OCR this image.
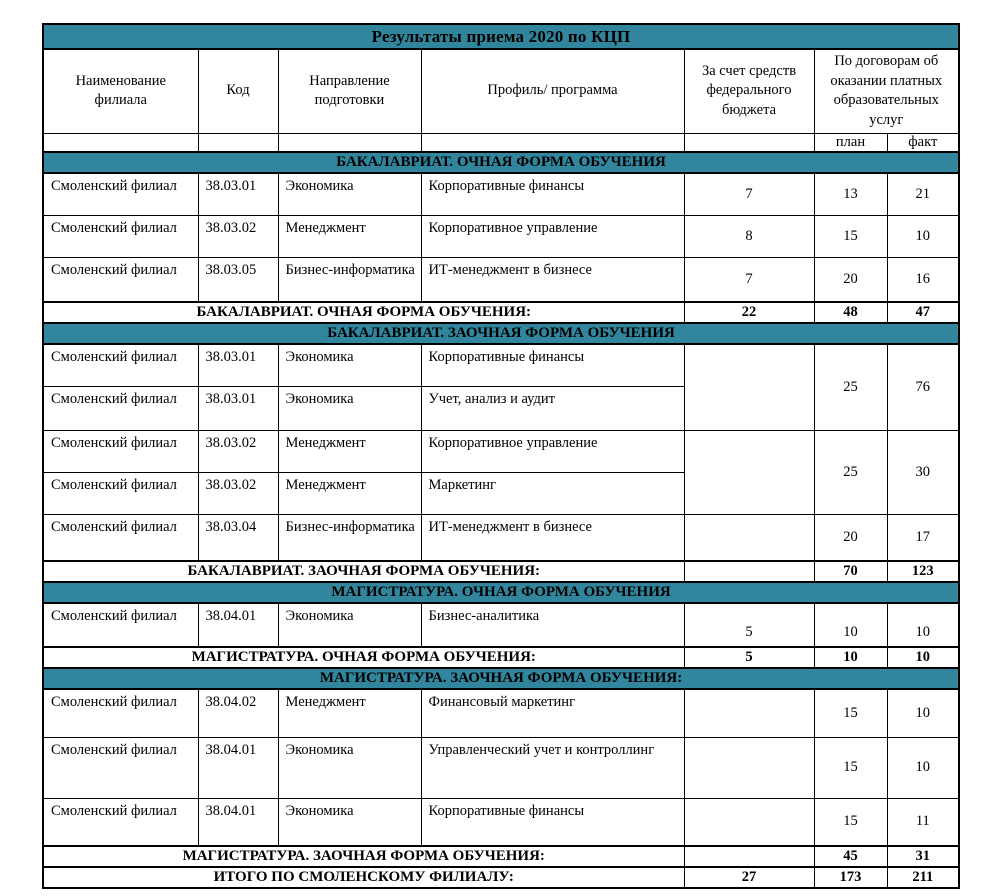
Результаты приема 2020 по КЦП						
Наименование филиала	Код	Направление подготовки	Профиль/ программа	За счет средств федерального бюджета	По договорам об оказании платных образовательных услуг	
					план	факт
БАКАЛАВРИАТ. ОЧНАЯ ФОРМА ОБУЧЕНИЯ						
Смоленский филиал	38.03.01	Экономика	Корпоративные финансы	7	13	21
Смоленский филиал	38.03.02	Менеджмент	Корпоративное управление	8	15	10
Смоленский филиал	38.03.05	Бизнес-информатика	ИТ-менеджмент в бизнесе	7	20	16
БАКАЛАВРИАТ. ОЧНАЯ ФОРМА ОБУЧЕНИЯ:				22	48	47
БАКАЛАВРИАТ. ЗАОЧНАЯ ФОРМА ОБУЧЕНИЯ						
Смоленский филиал	38.03.01	Экономика	Корпоративные финансы		25	76
Смоленский филиал	38.03.01	Экономика	Учет, анализ и аудит			
Смоленский филиал	38.03.02	Менеджмент	Корпоративное управление		25	30
Смоленский филиал	38.03.02	Менеджмент	Маркетинг			
Смоленский филиал	38.03.04	Бизнес-информатика	ИТ-менеджмент в бизнесе		20	17
БАКАЛАВРИАТ. ЗАОЧНАЯ ФОРМА ОБУЧЕНИЯ:					70	123
МАГИСТРАТУРА. ОЧНАЯ ФОРМА ОБУЧЕНИЯ						
Смоленский филиал	38.04.01	Экономика	Бизнес-аналитика	5	10	10
МАГИСТРАТУРА. ОЧНАЯ ФОРМА ОБУЧЕНИЯ:				5	10	10
МАГИСТРАТУРА. ЗАОЧНАЯ ФОРМА ОБУЧЕНИЯ:						
Смоленский филиал	38.04.02	Менеджмент	Финансовый маркетинг		15	10
Смоленский филиал	38.04.01	Экономика	Управленческий учет и контроллинг		15	10
Смоленский филиал	38.04.01	Экономика	Корпоративные финансы		15	11
МАГИСТРАТУРА. ЗАОЧНАЯ ФОРМА ОБУЧЕНИЯ:					45	31
ИТОГО ПО СМОЛЕНСКОМУ ФИЛИАЛУ:				27	173	211
